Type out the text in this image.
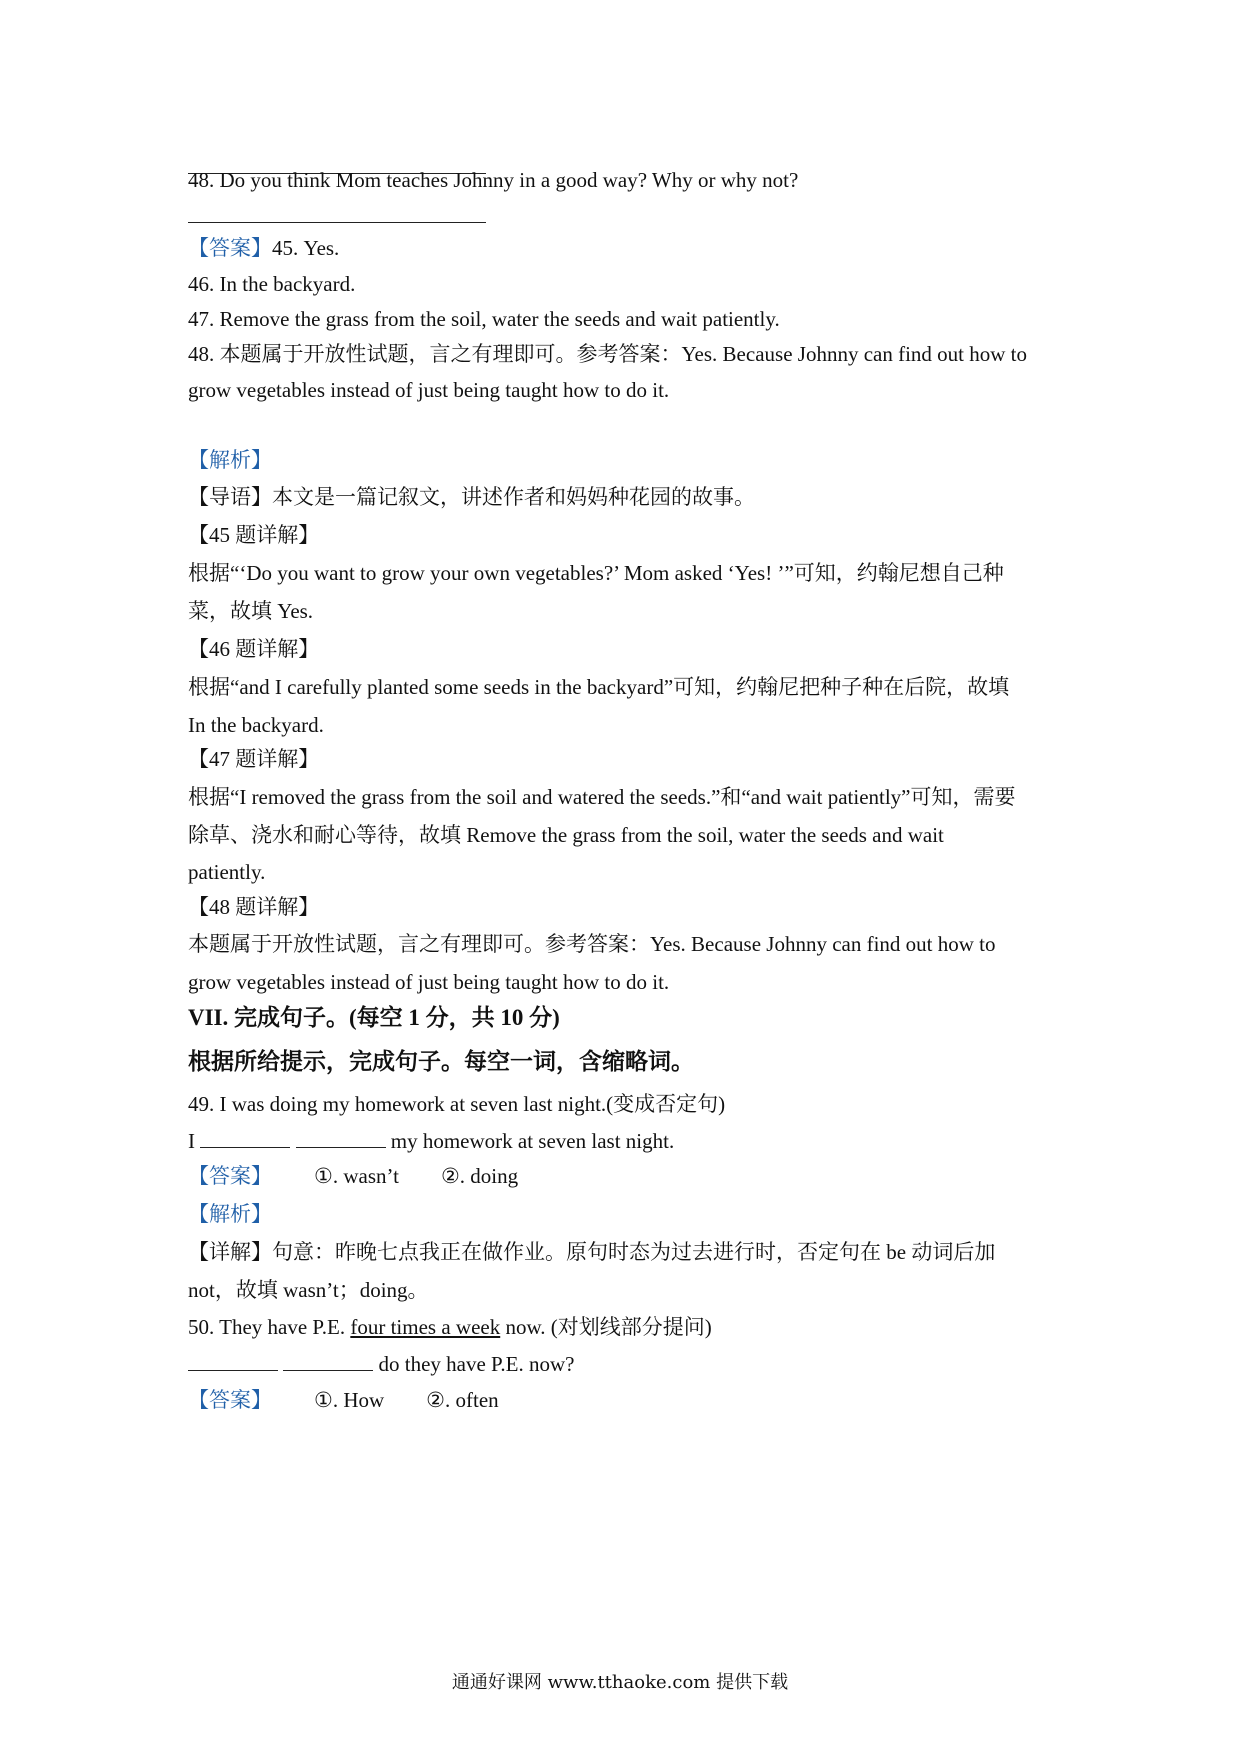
48. Do you think Mom teaches Johnny in a good way? Why or why not?
【答案】45. Yes.
46. In the backyard.
47. Remove the grass from the soil, water the seeds and wait patiently.
48. 本题属于开放性试题，言之有理即可。参考答案：Yes. Because Johnny can find out how to
grow vegetables instead of just being taught how to do it.
【解析】
【导语】本文是一篇记叙文，讲述作者和妈妈种花园的故事。
【45 题详解】
根据“‘Do you want to grow your own vegetables?’ Mom asked ‘Yes! ’”可知，约翰尼想自己种
菜，故填 Yes.
【46 题详解】
根据“and I carefully planted some seeds in the backyard”可知，约翰尼把种子种在后院，故填
In the backyard.
【47 题详解】
根据“I removed the grass from the soil and watered the seeds.”和“and wait patiently”可知，需要
除草、浇水和耐心等待，故填 Remove the grass from the soil, water the seeds and wait
patiently.
【48 题详解】
本题属于开放性试题，言之有理即可。参考答案：Yes. Because Johnny can find out how to
grow vegetables instead of just being taught how to do it.
VII. 完成句子。(每空 1 分，共 10 分)
根据所给提示，完成句子。每空一词，含缩略词。
49. I was doing my homework at seven last night.(变成否定句)
I	my homework at seven last night.
【答案】 ①. wasn’t ②. doing
【解析】
【详解】句意：昨晚七点我正在做作业。原句时态为过去进行时，否定句在 be 动词后加
not，故填 wasn’t；doing。
50. They have P.E. four times a week now. (对划线部分提问)
do they have P.E. now?
【答案】 ①. How ②. often
通通好课网 www.tthaoke.com 提供下载
